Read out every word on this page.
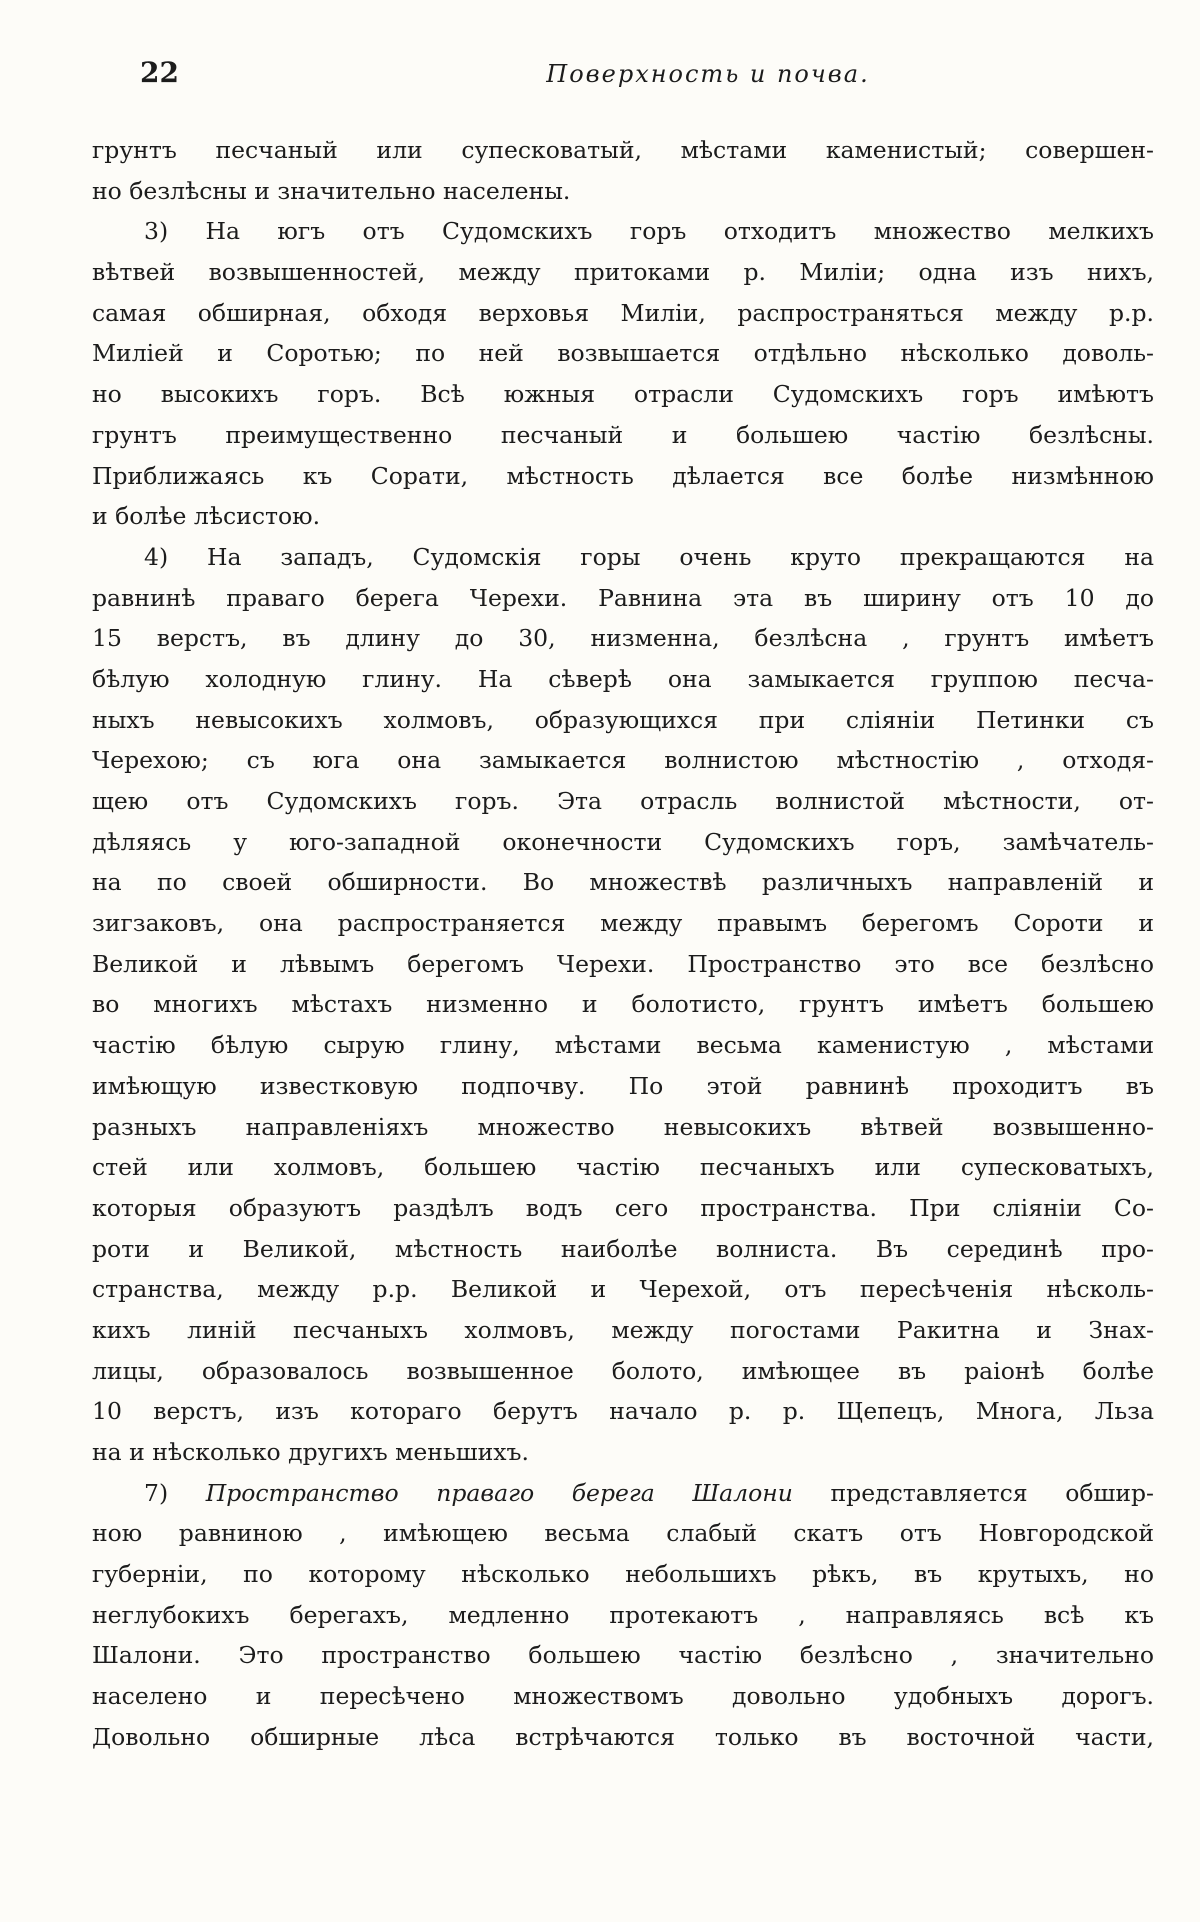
22	Поверхность и почва.
грунтъ песчаный или супесковатый, мѣстами каменистый; совершен-
но безлѣсны и значительно населены.
3) На югъ отъ Судомскихъ горъ отходитъ множество мелкихъ
вѣтвей возвышенностей, между притоками р. Миліи; одна изъ нихъ,
самая обширная, обходя верховья Миліи, распространяться между р.р.
Миліей и Соротью; по ней возвышается отдѣльно нѣсколько доволь-
но высокихъ горъ. Всѣ южныя отрасли Судомскихъ горъ имѣютъ
грунтъ преимущественно песчаный и большею частію безлѣсны.
Приближаясь къ Сорати, мѣстность дѣлается все болѣе низмѣнною
и болѣе лѣсистою.
4) На западъ, Судомскія горы очень круто прекращаются на
равнинѣ праваго берега Черехи. Равнина эта въ ширину отъ 10 до
15 верстъ, въ длину до 30, низменна, безлѣсна , грунтъ имѣетъ
бѣлую холодную глину. На сѣверѣ она замыкается группою песча-
ныхъ невысокихъ холмовъ, образующихся при сліяніи Петинки съ
Черехою; съ юга она замыкается волнистою мѣстностію , отходя-
щею отъ Судомскихъ горъ. Эта отрасль волнистой мѣстности, от-
дѣляясь у юго-западной оконечности Судомскихъ горъ, замѣчатель-
на по своей обширности. Во множествѣ различныхъ направленій и
зигзаковъ, она распространяется между правымъ берегомъ Сороти и
Великой и лѣвымъ берегомъ Черехи. Пространство это все безлѣсно
во многихъ мѣстахъ низменно и болотисто, грунтъ имѣетъ большею
частію бѣлую сырую глину, мѣстами весьма каменистую , мѣстами
имѣющую известковую подпочву. По этой равнинѣ проходитъ въ
разныхъ направленіяхъ множество невысокихъ вѣтвей возвышенно-
стей или холмовъ, большею частію песчаныхъ или супесковатыхъ,
которыя образуютъ раздѣлъ водъ сего пространства. При сліяніи Со-
роти и Великой, мѣстность наиболѣе волниста. Въ серединѣ про-
странства, между р.р. Великой и Черехой, отъ пересѣченія нѣсколь-
кихъ линій песчаныхъ холмовъ, между погостами Ракитна и Знах-
лицы, образовалось возвышенное болото, имѣющее въ раіонѣ болѣе
10 верстъ, изъ котораго берутъ начало р. р. Щепецъ, Многа, Льза
на и нѣсколько другихъ меньшихъ.
7) Пространство праваго берега Шалони представляется обшир-
ною равниною , имѣющею весьма слабый скатъ отъ Новгородской
губерніи, по которому нѣсколько небольшихъ рѣкъ, въ крутыхъ, но
неглубокихъ берегахъ, медленно протекаютъ , направляясь всѣ къ
Шалони. Это пространство большею частію безлѣсно , значительно
населено и пересѣчено множествомъ довольно удобныхъ дорогъ.
Довольно обширные лѣса встрѣчаются только въ восточной части,
